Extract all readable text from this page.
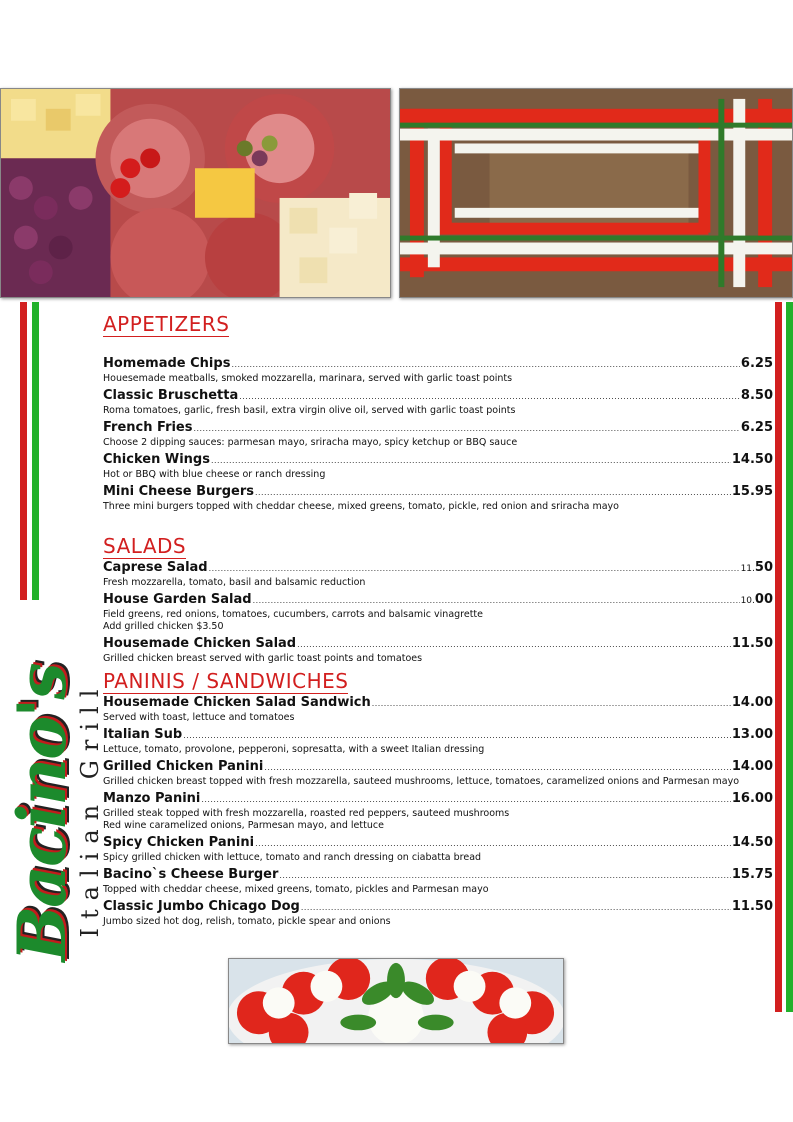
Bacino's
Italian Grill
APPETIZERS
Homemade Chips .....	6.25
Houesemade meatballs, smoked mozzarella, marinara, served with garlic toast points
Classic Bruschetta .....	8.50
Roma tomatoes, garlic, fresh basil, extra virgin olive oil, served with garlic toast points
French Fries .....	6.25
Choose 2 dipping sauces: parmesan mayo, sriracha mayo, spicy ketchup or BBQ sauce
Chicken Wings .....	14.50
Hot or BBQ with blue cheese or ranch dressing
Mini Cheese Burgers .....	15.95
Three mini burgers topped with cheddar cheese, mixed greens, tomato, pickle, red onion and sriracha mayo
SALADS
Caprese Salad .....	11.50
Fresh mozzarella, tomato, basil and balsamic reduction
House Garden Salad .....	10.00
Field greens, red onions, tomatoes, cucumbers, carrots and balsamic vinagrette
Add grilled chicken $3.50
Housemade Chicken Salad .....	11.50
Grilled chicken breast served with garlic toast points and tomatoes
PANINIS / SANDWICHES
Housemade Chicken Salad Sandwich .....	14.00
Served with toast, lettuce and tomatoes
Italian Sub .....	13.00
Lettuce, tomato, provolone, pepperoni, sopresatta, with a sweet Italian dressing
Grilled Chicken Panini .....	14.00
Grilled chicken breast topped with fresh mozzarella, sauteed mushrooms, lettuce, tomatoes, caramelized onions and Parmesan mayo
Manzo Panini .....	16.00
Grilled steak topped with fresh mozzarella, roasted red peppers, sauteed mushrooms
Red wine caramelized onions, Parmesan mayo, and lettuce
Spicy Chicken Panini .....	14.50
Spicy grilled chicken with lettuce, tomato and ranch dressing on ciabatta bread
Bacino`s Cheese Burger .....	15.75
Topped with cheddar cheese, mixed greens, tomato, pickles and Parmesan mayo
Classic Jumbo Chicago Dog .....	11.50
Jumbo sized hot dog, relish, tomato, pickle spear and onions
